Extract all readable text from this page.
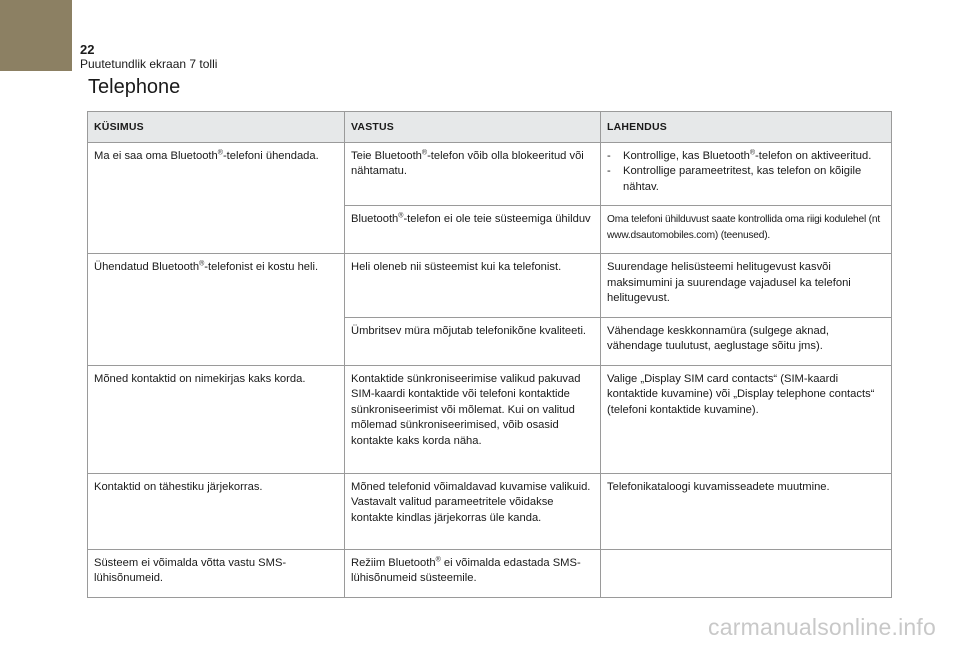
22
Puutetundlik ekraan 7 tolli
Telephone
KÜSIMUS	VASTUS	LAHENDUS
Ma ei saa oma Bluetooth®-telefoni ühendada.	Teie Bluetooth®-telefon võib olla blokeeritud või nähtamatu.	- Kontrollige, kas Bluetooth®-telefon on aktiveeritud.
- Kontrollige parameetritest, kas telefon on kõigile nähtav.

	Bluetooth®-telefon ei ole teie süsteemiga ühilduv	Oma telefoni ühilduvust saate kontrollida oma riigi kodulehel (nt www.dsautomobiles.com) (teenused).
Ühendatud Bluetooth®-telefonist ei kostu heli.	Heli oleneb nii süsteemist kui ka telefonist.	Suurendage helisüsteemi helitugevust kasvõi maksimumini ja suurendage vajadusel ka telefoni helitugevust.
	Ümbritsev müra mõjutab telefonikõne kvaliteeti.	Vähendage keskkonnamüra (sulgege aknad, vähendage tuulutust, aeglustage sõitu jms).
Mõned kontaktid on nimekirjas kaks korda.	Kontaktide sünkroniseerimise valikud pakuvad
SIM-kaardi kontaktide või telefoni kontaktide sünkroniseerimist või mõlemat. Kui on valitud mõlemad sünkroniseerimised, võib osasid kontakte kaks korda näha.	Valige „Display SIM card contacts“ (SIM-kaardi kontaktide kuvamine) või „Display telephone contacts“ (telefoni kontaktide kuvamine).
Kontaktid on tähestiku järjekorras.	Mõned telefonid võimaldavad kuvamise valikuid. Vastavalt valitud parameetritele võidakse kontakte kindlas järjekorras üle kanda.	Telefonikataloogi kuvamisseadete muutmine.
Süsteem ei võimalda võtta vastu SMS-lühisõnumeid.	Režiim Bluetooth® ei võimalda edastada SMS-lühisõnumeid süsteemile.	
carmanualsonline.info
